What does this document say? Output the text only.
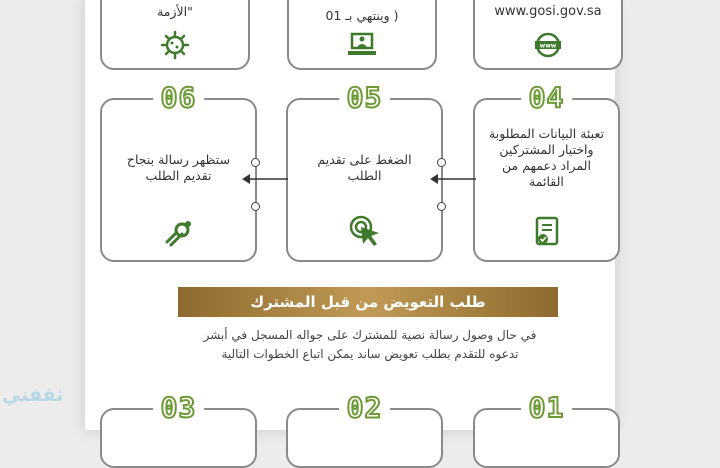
الأزمة"	وينتهي بـ 01 )	www.gosi.gov.sa
www
06
ستظهر رسالة بنجاح تقديم الطلب
05
الضغط على تقديم الطلب
04
تعبئة البيانات المطلوبة واختيار المشتركين المراد دعمهم من القائمة
طلب التعويض من قبل المشترك
في حال وصول رسالة نصية للمشترك على جواله المسجل في أبشر
تدعوه للتقدم بطلب تعويض ساند يمكن اتباع الخطوات التالية
03	02	01
ثقفني
